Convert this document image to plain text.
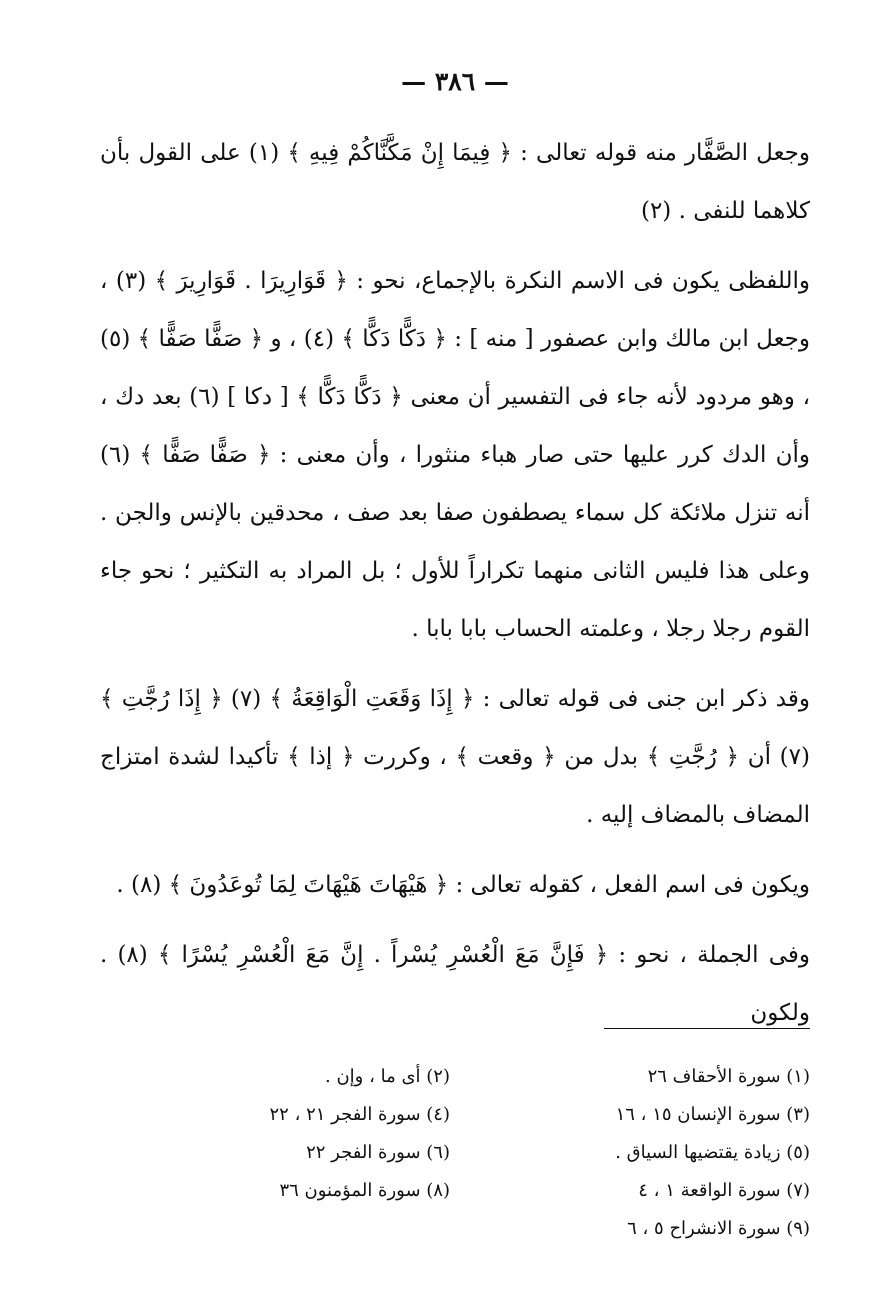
— ٣٨٦ —

وجعل الصَّفَّار منه قوله تعالى : ﴿ فِيمَا إِنْ مَكَّنَّاكُمْ فِيهِ ﴾ (١) على القول بأن كلاهما للنفى . (٢)

واللفظى يكون فى الاسم النكرة بالإجماع، نحو : ﴿ قَوَارِيرَا . قَوَارِيرَ ﴾ (٣) ، وجعل ابن مالك وابن عصفور [ منه ] : ﴿ دَكًّا دَكًّا ﴾ (٤) ، و ﴿ صَفًّا صَفًّا ﴾ (٥) ، وهو مردود لأنه جاء فى التفسير أن معنى ﴿ دَكًّا دَكًّا ﴾ [ دكا ] (٦) بعد دك ، وأن الدك كرر عليها حتى صار هباء منثورا ، وأن معنى : ﴿ صَفًّا صَفًّا ﴾ (٦) أنه تنزل ملائكة كل سماء يصطفون صفا بعد صف ، محدقين بالإنس والجن . وعلى هذا فليس الثانى منهما تكراراً للأول ؛ بل المراد به التكثير ؛ نحو جاء القوم رجلا رجلا ، وعلمته الحساب بابا بابا .

وقد ذكر ابن جنى فى قوله تعالى : ﴿ إِذَا وَقَعَتِ الْوَاقِعَةُ ﴾ (٧) ﴿ إِذَا رُجَّتِ ﴾ (٧) أن ﴿ رُجَّتِ ﴾ بدل من ﴿ وقعت ﴾ ، وكررت ﴿ إذا ﴾ تأكيدا لشدة امتزاج المضاف بالمضاف إليه .

ويكون فى اسم الفعل ، كقوله تعالى : ﴿ هَيْهَاتَ هَيْهَاتَ لِمَا تُوعَدُونَ ﴾ (٨) .

وفى الجملة ، نحو : ﴿ فَإِنَّ مَعَ الْعُسْرِ يُسْراً . إِنَّ مَعَ الْعُسْرِ يُسْرًا ﴾ (٨) . ولكون

(١) سورة الأحقاف ٢٦
(٢) أى ما ، وإن .
(٣) سورة الإنسان ١٥ ، ١٦
(٤) سورة الفجر ٢١ ، ٢٢
(٥) زيادة يقتضيها السياق .
(٦) سورة الفجر ٢٢
(٧) سورة الواقعة ١ ، ٤
(٨) سورة المؤمنون ٣٦
(٩) سورة الانشراح ٥ ، ٦
